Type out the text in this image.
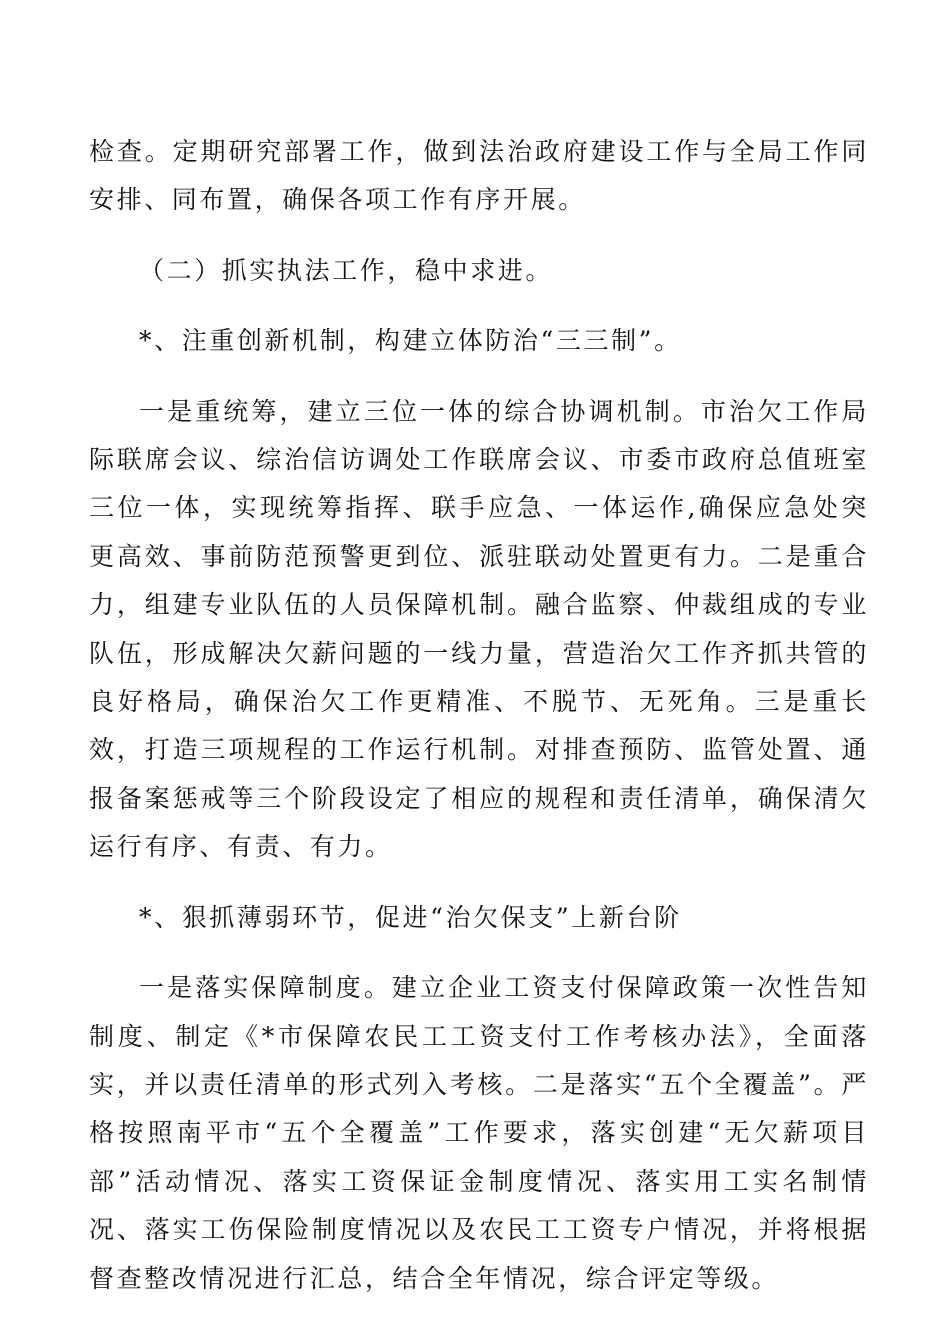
检查。定期研究部署工作，做到法治政府建设工作与全局工作同安排、同布置，确保各项工作有序开展。

（二）抓实执法工作，稳中求进。

*、注重创新机制，构建立体防治“三三制”。

一是重统筹，建立三位一体的综合协调机制。市治欠工作局际联席会议、综治信访调处工作联席会议、市委市政府总值班室三位一体，实现统筹指挥、联手应急、一体运作,确保应急处突更高效、事前防范预警更到位、派驻联动处置更有力。二是重合力，组建专业队伍的人员保障机制。融合监察、仲裁组成的专业队伍，形成解决欠薪问题的一线力量，营造治欠工作齐抓共管的良好格局，确保治欠工作更精准、不脱节、无死角。三是重长效，打造三项规程的工作运行机制。对排查预防、监管处置、通报备案惩戒等三个阶段设定了相应的规程和责任清单，确保清欠运行有序、有责、有力。

*、狠抓薄弱环节，促进“治欠保支”上新台阶

一是落实保障制度。建立企业工资支付保障政策一次性告知制度、制定《*市保障农民工工资支付工作考核办法》，全面落实，并以责任清单的形式列入考核。二是落实“五个全覆盖”。严格按照南平市“五个全覆盖”工作要求，落实创建“无欠薪项目部”活动情况、落实工资保证金制度情况、落实用工实名制情况、落实工伤保险制度情况以及农民工工资专户情况，并将根据督查整改情况进行汇总，结合全年情况，综合评定等级。
